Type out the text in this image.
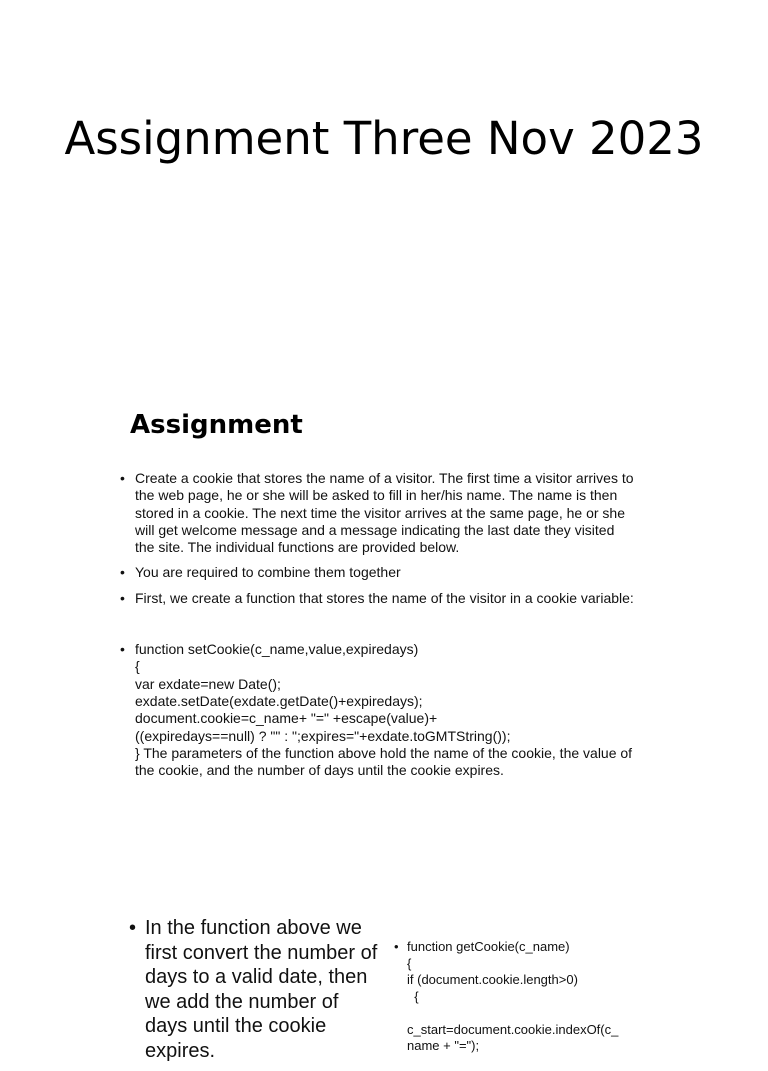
Assignment Three Nov 2023
Assignment
• Create a cookie that stores the name of a visitor. The first time a visitor arrives to the web page, he or she will be asked to fill in her/his name. The name is then stored in a cookie. The next time the visitor arrives at the same page, he or she will get welcome message and a message indicating the last date they visited the site. The individual functions are provided below.
• You are required to combine them together
• First, we create a function that stores the name of the visitor in a cookie variable:
• function setCookie(c_name,value,expiredays)
{
var exdate=new Date();
exdate.setDate(exdate.getDate()+expiredays);
document.cookie=c_name+ "=" +escape(value)+
((expiredays==null) ? "" : ";expires="+exdate.toGMTString());
} The parameters of the function above hold the name of the cookie, the value of the cookie, and the number of days until the cookie expires.
• In the function above we first convert the number of days to a valid date, then we add the number of days until the cookie expires.

• function getCookie(c_name)
{
if (document.cookie.length>0)
{

c_start=document.cookie.indexOf(c_
name + "=");
